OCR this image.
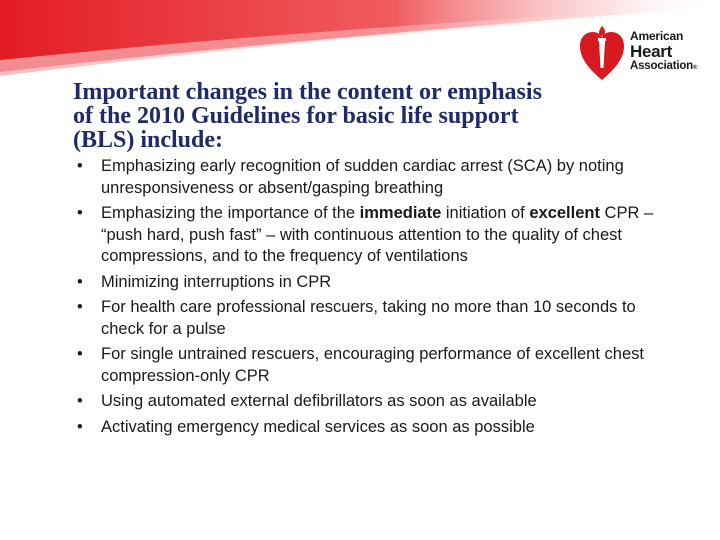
American
Heart
Association®
Important changes in the content or emphasis of the 2010 Guidelines for basic life support (BLS) include:
• Emphasizing early recognition of sudden cardiac arrest (SCA) by noting unresponsiveness or absent/gasping breathing
• Emphasizing the importance of the immediate initiation of excellent CPR – “push hard, push fast” – with continuous attention to the quality of chest compressions, and to the frequency of ventilations
• Minimizing interruptions in CPR
• For health care professional rescuers, taking no more than 10 seconds to check for a pulse
• For single untrained rescuers, encouraging performance of excellent chest compression-only CPR
• Using automated external defibrillators as soon as available
• Activating emergency medical services as soon as possible
